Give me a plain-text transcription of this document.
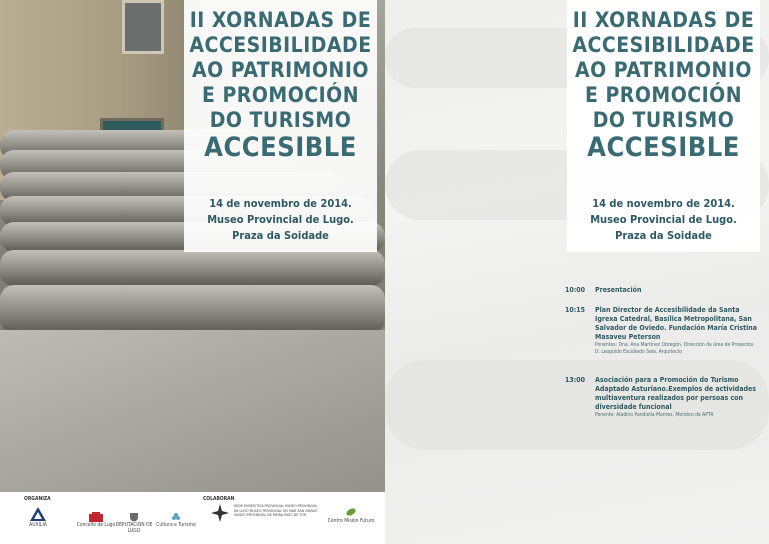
II XORNADAS DE
ACCESIBILIDADE
AO PATRIMONIO
E PROMOCIÓN
DO TURISMO
ACCESIBLE
14 de novembro de 2014.
Museo Provincial de Lugo.
Praza da Soidade
ORGANIZA	COLABORAN
AUXILIA	Concello de Lugo DEPUTACIÓN DE LUGO
Cultura e Turismo
REDE MUSEÍSTICA PROVINCIAL MUSEO PROVINCIAL DE LUGO MUSEO PROVINCIAL DO MAR SAN CIBRAO MUSEO PROVINCIAL DE MEIRA PAZO DE TOR
Centro Misión Futuro
II XORNADAS DE
ACCESIBILIDADE
AO PATRIMONIO
E PROMOCIÓN
DO TURISMO
ACCESIBLE
14 de novembro de 2014.
Museo Provincial de Lugo.
Praza da Soidade
10:00	Presentación
10:15	Plan Director de Accesibilidade da Santa Igrexa Catedral, Basílica Metropolitana, San Salvador de Oviedo. Fundación María Cristina Masaveu Peterson
Ponentes: Dna. Ana Martínez Obregón, Dirección da área de Proxectos
D. Leopoldo Escobedo Sela, Arquitecto
13:00	Asociación para a Promoción do Turismo Adaptado Asturiano.Exemplos de actividades multiaventura realizados por persoas con diversidade funcional
Ponente: Aladino Pandiella Montes, Membro de APTA
